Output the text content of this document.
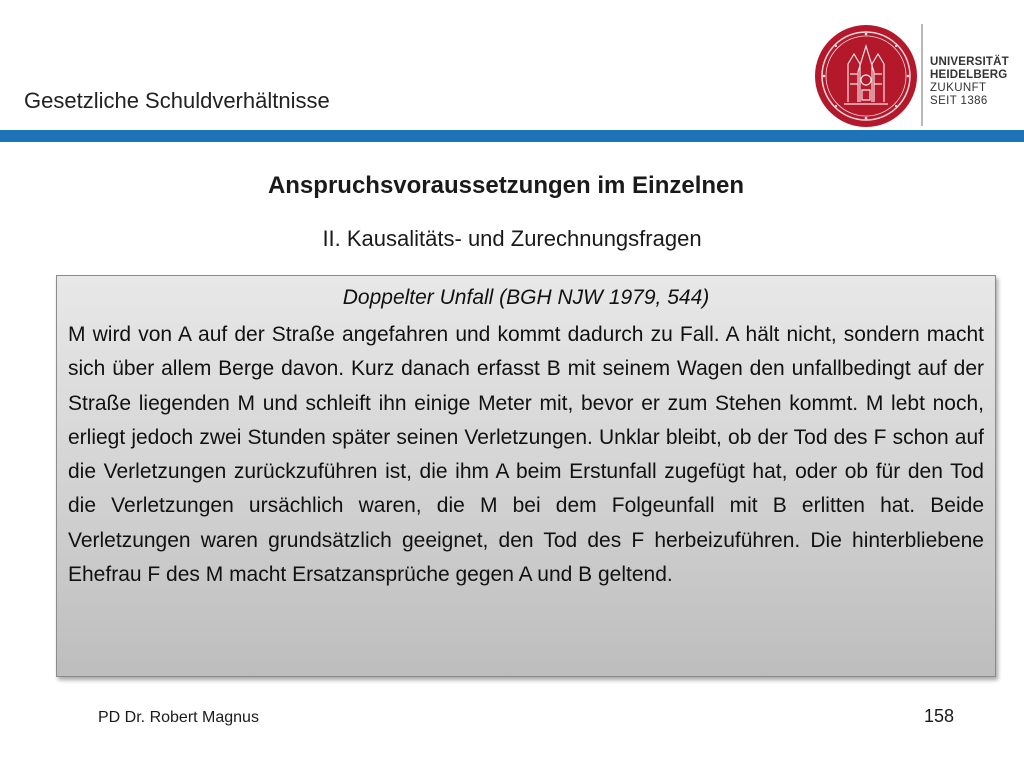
Gesetzliche Schuldverhältnisse
UNIVERSITÄT
HEIDELBERG
ZUKUNFT
SEIT 1386
Anspruchsvoraussetzungen im Einzelnen
II. Kausalitäts- und Zurechnungsfragen
Doppelter Unfall (BGH NJW 1979, 544)
M wird von A auf der Straße angefahren und kommt dadurch zu Fall. A hält nicht, sondern macht sich über allem Berge davon. Kurz danach erfasst B mit seinem Wagen den unfallbedingt auf der Straße liegenden M und schleift ihn einige Meter mit, bevor er zum Stehen kommt. M lebt noch, erliegt jedoch zwei Stunden später seinen Verletzungen. Unklar bleibt, ob der Tod des F schon auf die Verletzungen zurückzuführen ist, die ihm A beim Erstunfall zugefügt hat, oder ob für den Tod die Verletzungen ursächlich waren, die M bei dem Folgeunfall mit B erlitten hat. Beide Verletzungen waren grundsätzlich geeignet, den Tod des F herbeizuführen. Die hinterbliebene Ehefrau F des M macht Ersatzansprüche gegen A und B geltend.
PD Dr. Robert Magnus	158
